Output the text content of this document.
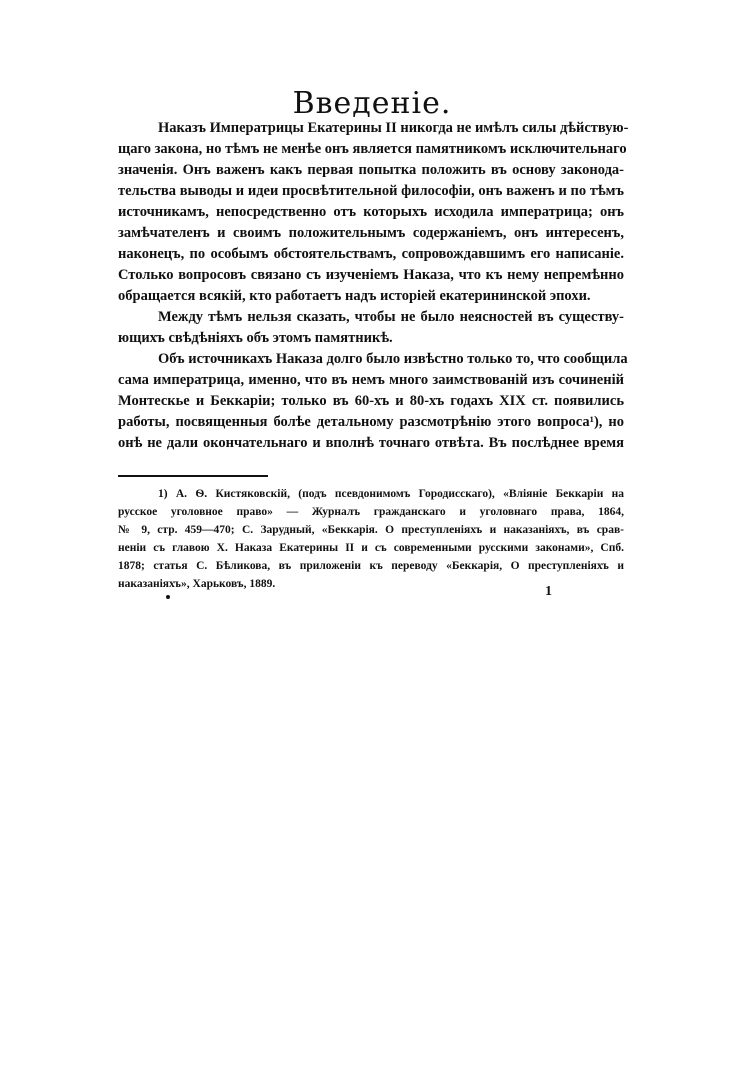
Введеніе.
Наказъ Императрицы Екатерины II никогда не имѣлъ силы дѣйствую-
щаго закона, но тѣмъ не менѣе онъ является памятникомъ исключительнаго
значенія. Онъ важенъ какъ первая попытка положить въ основу законода-
тельства выводы и идеи просвѣтительной философіи, онъ важенъ и по тѣмъ
источникамъ, непосредственно отъ которыхъ исходила императрица; онъ
замѣчателенъ и своимъ положительнымъ содержаніемъ, онъ интересенъ,
наконецъ, по особымъ обстоятельствамъ, сопровождавшимъ его написаніе.
Столько вопросовъ связано съ изученіемъ Наказа, что къ нему непремѣнно
обращается всякій, кто работаетъ надъ исторіей екатерининской эпохи.
Между тѣмъ нельзя сказать, чтобы не было неясностей въ существу-
ющихъ свѣдѣніяхъ объ этомъ памятникѣ.
Объ источникахъ Наказа долго было извѣстно только то, что сообщила
сама императрица, именно, что въ немъ много заимствованій изъ сочиненій
Монтескье и Беккаріи; только въ 60-хъ и 80-хъ годахъ XIX ст. появились
работы, посвященныя болѣе детальному разсмотрѣнію этого вопроса¹), но
онѣ не дали окончательнаго и вполнѣ точнаго отвѣта. Въ послѣднее время
1) А. Ѳ. Кистяковскій, (подъ псевдонимомъ Городисскаго), «Вліяніе Беккаріи на
русское уголовное право» — Журналъ гражданскаго и уголовнаго права, 1864,
№ 9, стр. 459—470; С. Зарудный, «Беккарія. О преступленіяхъ и наказаніяхъ, въ срав-
неніи съ главою X. Наказа Екатерины II и съ современными русскими законами», Спб.
1878; статья С. Бѣликова, въ приложеніи къ переводу «Беккарія, О преступленіяхъ и
наказаніяхъ», Харьковъ, 1889.	1
